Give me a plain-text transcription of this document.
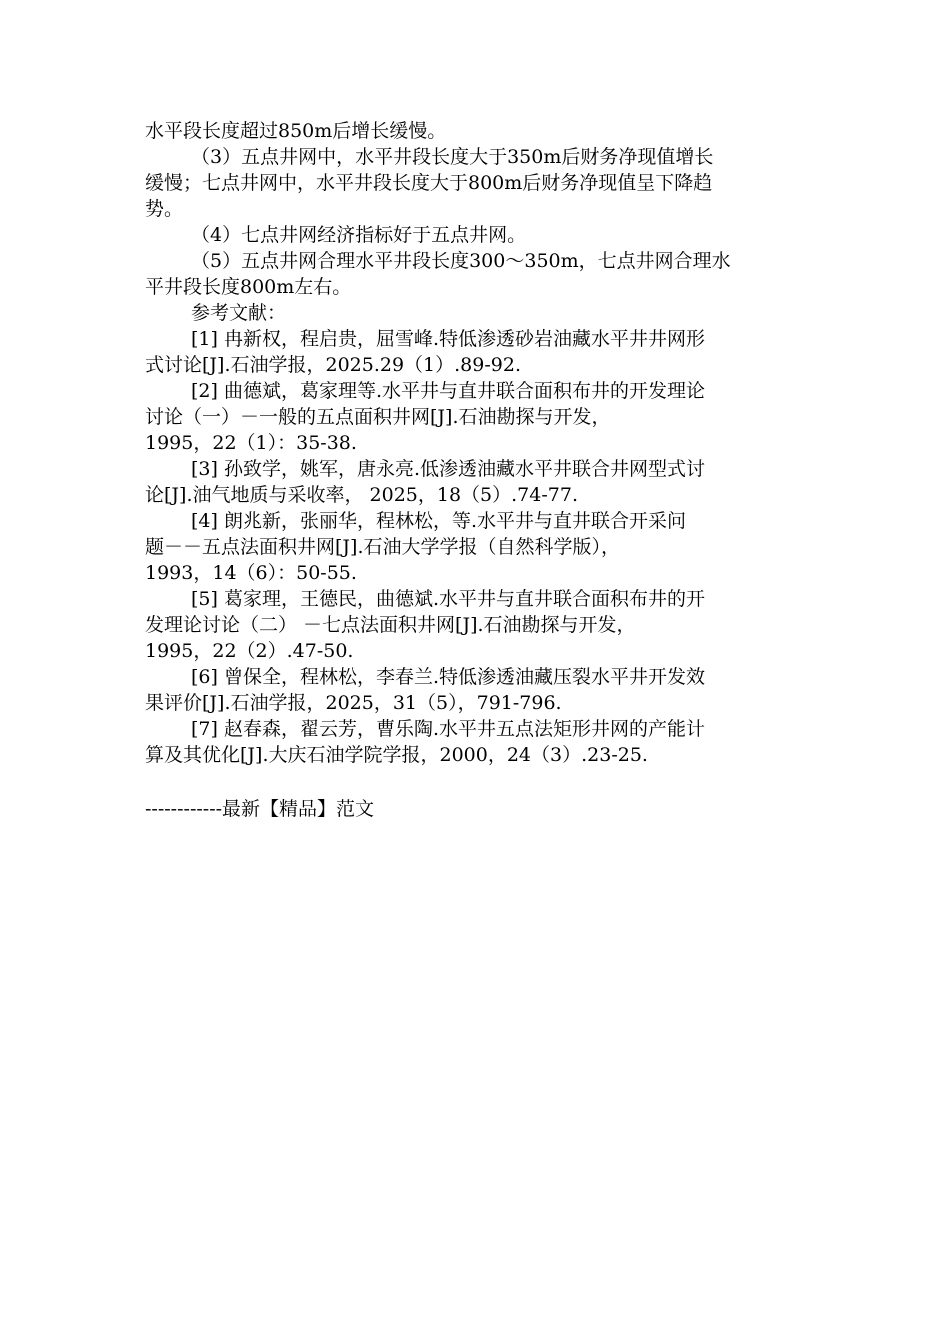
水平段长度超过850m后增长缓慢。
（3）五点井网中，水平井段长度大于350m后财务净现值增长
缓慢；七点井网中，水平井段长度大于800m后财务净现值呈下降趋
势。
（4）七点井网经济指标好于五点井网。
（5）五点井网合理水平井段长度300～350m，七点井网合理水
平井段长度800m左右。
参考文献：
[1] 冉新权，程启贵，屈雪峰.特低渗透砂岩油藏水平井井网形
式讨论[J].石油学报，2025.29（1）.89-92.
[2] 曲德斌，葛家理等.水平井与直井联合面积布井的开发理论
讨论（一）－一般的五点面积井网[J].石油勘探与开发，
1995，22（1）：35-38.
[3] 孙致学，姚军，唐永亮.低渗透油藏水平井联合井网型式讨
论[J].油气地质与采收率， 2025，18（5）.74-77.
[4] 朗兆新，张丽华，程林松，等.水平井与直井联合开采问
题－－五点法面积井网[J].石油大学学报（自然科学版），
1993，14（6）：50-55.
[5] 葛家理，王德民，曲德斌.水平井与直井联合面积布井的开
发理论讨论（二） －七点法面积井网[J].石油勘探与开发，
1995，22（2）.47-50.
[6] 曾保全，程林松，李春兰.特低渗透油藏压裂水平井开发效
果评价[J].石油学报，2025，31（5），791-796.
[7] 赵春森，翟云芳，曹乐陶.水平井五点法矩形井网的产能计
算及其优化[J].大庆石油学院学报，2000，24（3）.23-25.
------------最新【精品】范文
